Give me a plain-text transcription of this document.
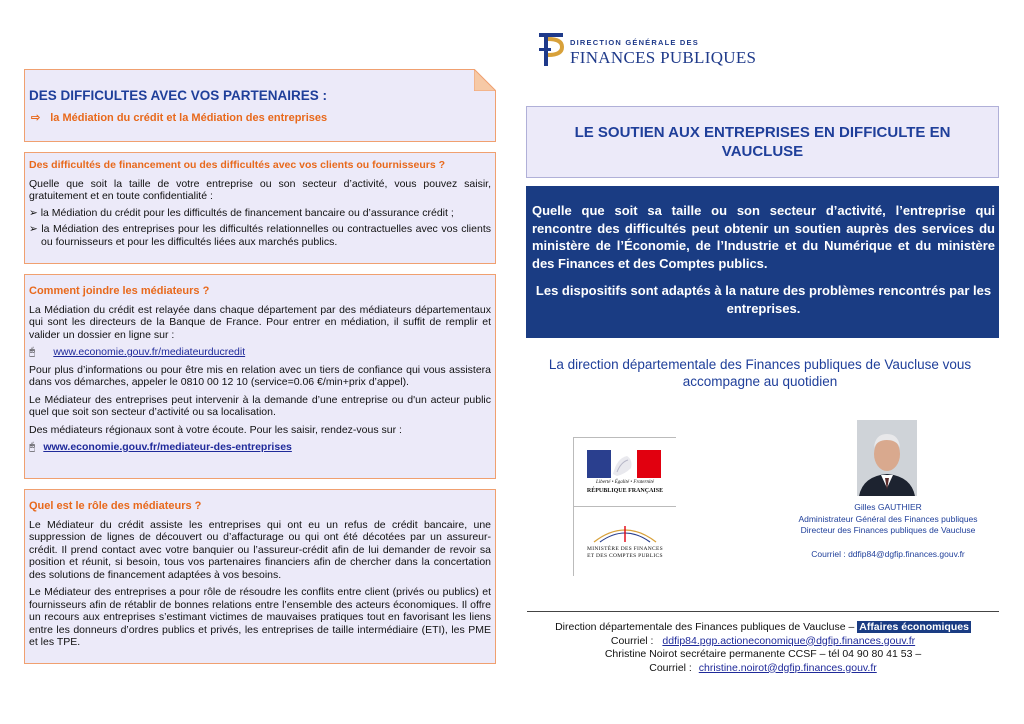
DIRECTION GÉNÉRALE DES
FINANCES PUBLIQUES
DES DIFFICULTES AVEC VOS PARTENAIRES :
⇨ la Médiation du crédit et la Médiation des entreprises

Des difficultés de financement ou des difficultés avec vos clients ou fournisseurs ?

Quelle que soit la taille de votre entreprise ou son secteur d’activité, vous pouvez saisir, gratuitement et en toute confidentialité :

➢ la Médiation du crédit pour les difficultés de financement bancaire ou d’assurance crédit ;

➢ la Médiation des entreprises pour les difficultés relationnelles ou contractuelles avec vos clients ou fournisseurs et pour les difficultés liées aux marchés publics.

Comment joindre les médiateurs ?

La Médiation du crédit est relayée dans chaque département par des médiateurs départementaux qui sont les directeurs de la Banque de France. Pour entrer en médiation, il suffit de remplir et valider un dossier en ligne sur :

🖰 www.economie.gouv.fr/mediateurducredit

Pour plus d’informations ou pour être mis en relation avec un tiers de confiance qui vous assistera dans vos démarches, appeler le 0810 00 12 10 (service=0.06 €/min+prix d’appel).

Le Médiateur des entreprises peut intervenir à la demande d’une entreprise ou d'un acteur public quel que soit son secteur d’activité ou sa localisation.

Des médiateurs régionaux sont à votre écoute. Pour les saisir, rendez-vous sur :

🖰 www.economie.gouv.fr/mediateur-des-entreprises

Quel est le rôle des médiateurs ?

Le Médiateur du crédit assiste les entreprises qui ont eu un refus de crédit bancaire, une suppression de lignes de découvert ou d’affacturage ou qui ont été décotées par un assureur-crédit. Il prend contact avec votre banquier ou l’assureur-crédit afin de lui demander de revoir sa position et réunit, si besoin, tous vos partenaires financiers afin de chercher dans la concertation des solutions de financement adaptées à vos besoins.

Le Médiateur des entreprises a pour rôle de résoudre les conflits entre client (privés ou publics) et fournisseurs afin de rétablir de bonnes relations entre l’ensemble des acteurs économiques. Il offre un recours aux entreprises s’estimant victimes de mauvaises pratiques tout en favorisant les liens entre les donneurs d’ordres publics et privés, les entreprises de taille intermédiaire (ETI), les PME et les TPE.

LE SOUTIEN AUX ENTREPRISES EN DIFFICULTE EN VAUCLUSE

Quelle que soit sa taille ou son secteur d’activité, l’entreprise qui rencontre des difficultés peut obtenir un soutien auprès des services du ministère de l’Économie, de l’Industrie et du Numérique et du ministère des Finances et des Comptes publics.

Les dispositifs sont adaptés à la nature des problèmes rencontrés par les entreprises.

La direction départementale des Finances publiques de Vaucluse vous accompagne au quotidien
Liberté • Égalité • Fraternité
RÉPUBLIQUE FRANÇAISE
MINISTÈRE DES FINANCES
ET DES COMPTES PUBLICS
Gilles GAUTHIER
Administrateur Général des Finances publiques
Directeur des Finances publiques de Vaucluse
Courriel : ddfip84@dgfip.finances.gouv.fr
Direction départementale des Finances publiques de Vaucluse – Affaires économiques
Courriel : ddfip84.pgp.actioneconomique@dgfip.finances.gouv.fr
Christine Noirot secrétaire permanente CCSF – tél 04 90 80 41 53 –
Courriel : christine.noirot@dgfip.finances.gouv.fr
